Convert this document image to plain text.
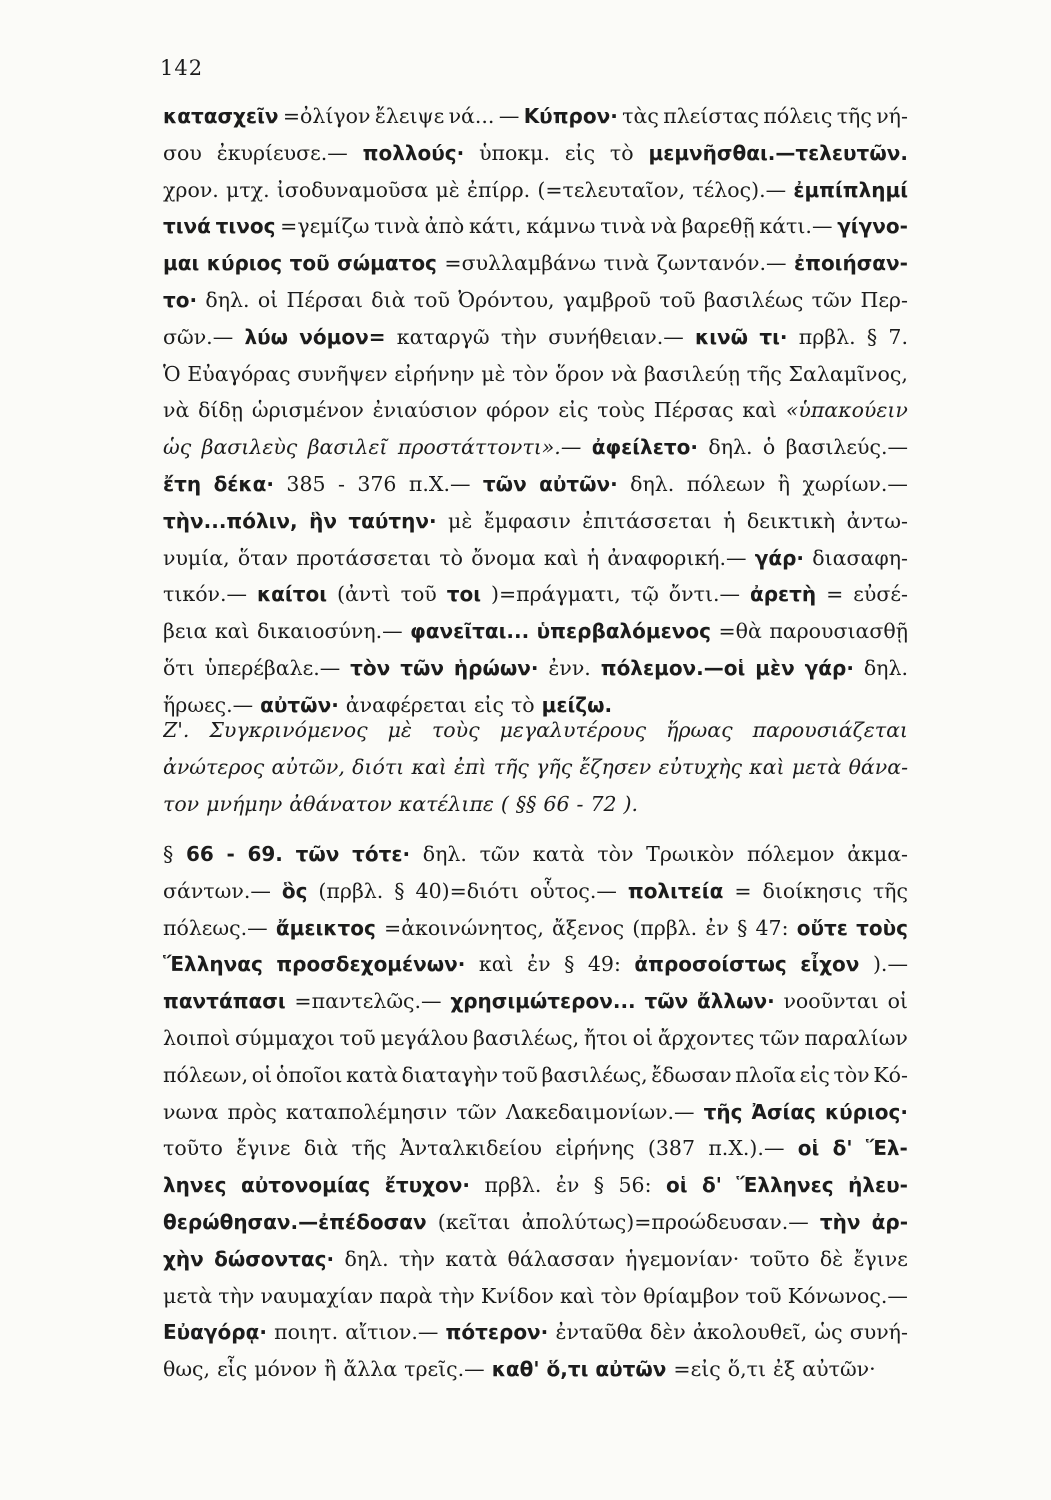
142
κατασχεῖν =ὀλίγον ἔλειψε νά... — Κύπρον· τὰς πλείστας πόλεις τῆς νή-
σου ἐκυρίευσε.— πολλούς· ὑποκμ. εἰς τὸ μεμνῆσθαι.—τελευτῶν.
χρον. μτχ. ἰσοδυναμοῦσα μὲ ἐπίρρ. (=τελευταῖον, τέλος).— ἐμπίπλημί
τινά τινος =γεμίζω τινὰ ἀπὸ κάτι, κάμνω τινὰ νὰ βαρεθῇ κάτι.— γίγνο-
μαι κύριος τοῦ σώματος =συλλαμβάνω τινὰ ζωντανόν.— ἐποιήσαν-
το· δηλ. οἱ Πέρσαι διὰ τοῦ Ὀρόντου, γαμβροῦ τοῦ βασιλέως τῶν Περ-
σῶν.— λύω νόμον= καταργῶ τὴν συνήθειαν.— κινῶ τι· πρβλ. § 7.
Ὁ Εὐαγόρας συνῆψεν εἰρήνην μὲ τὸν ὅρον νὰ βασιλεύῃ τῆς Σαλαμῖνος,
νὰ δίδῃ ὡρισμένον ἐνιαύσιον φόρον εἰς τοὺς Πέρσας καὶ «ὑπακούειν
ὡς βασιλεὺς βασιλεῖ προστάττοντι».— ἀφείλετο· δηλ. ὁ βασιλεύς.—
ἔτη δέκα· 385 - 376 π.Χ.— τῶν αὐτῶν· δηλ. πόλεων ἢ χωρίων.—
τὴν...πόλιν, ἣν ταύτην· μὲ ἔμφασιν ἐπιτάσσεται ἡ δεικτικὴ ἀντω-
νυμία, ὅταν προτάσσεται τὸ ὄνομα καὶ ἡ ἀναφορική.— γάρ· διασαφη-
τικόν.— καίτοι (ἀντὶ τοῦ τοι )=πράγματι, τῷ ὄντι.— ἀρετὴ = εὐσέ-
βεια καὶ δικαιοσύνη.— φανεῖται... ὑπερβαλόμενος =θὰ παρουσιασθῇ
ὅτι ὑπερέβαλε.— τὸν τῶν ἡρώων· ἐνν. πόλεμον.—οἱ μὲν γάρ· δηλ.
ἥρωες.— αὐτῶν· ἀναφέρεται εἰς τὸ μείζω.
Ζ'. Συγκρινόμενος μὲ τοὺς μεγαλυτέρους ἥρωας παρουσιάζεται
ἀνώτερος αὐτῶν, διότι καὶ ἐπὶ τῆς γῆς ἔζησεν εὐτυχὴς καὶ μετὰ θάνα-
τον μνήμην ἀθάνατον κατέλιπε ( §§ 66 - 72 ).
§ 66 - 69. τῶν τότε· δηλ. τῶν κατὰ τὸν Τρωικὸν πόλεμον ἀκμα-
σάντων.— ὃς (πρβλ. § 40)=διότι οὗτος.— πολιτεία = διοίκησις τῆς
πόλεως.— ἄμεικτος =ἀκοινώνητος, ἄξενος (πρβλ. ἐν § 47: οὔτε τοὺς
Ἕλληνας προσδεχομένων· καὶ ἐν § 49: ἀπροσοίστως εἶχον ).—
παντάπασι =παντελῶς.— χρησιμώτερον... τῶν ἄλλων· νοοῦνται οἱ
λοιποὶ σύμμαχοι τοῦ μεγάλου βασιλέως, ἤτοι οἱ ἄρχοντες τῶν παραλίων
πόλεων, οἱ ὁποῖοι κατὰ διαταγὴν τοῦ βασιλέως, ἔδωσαν πλοῖα εἰς τὸν Κό-
νωνα πρὸς καταπολέμησιν τῶν Λακεδαιμονίων.— τῆς Ἀσίας κύριος·
τοῦτο ἔγινε διὰ τῆς Ἀνταλκιδείου εἰρήνης (387 π.Χ.).— οἱ δ' Ἕλ-
ληνες αὐτονομίας ἔτυχον· πρβλ. ἐν § 56: οἱ δ' Ἕλληνες ἠλευ-
θερώθησαν.—ἐπέδοσαν (κεῖται ἀπολύτως)=προώδευσαν.— τὴν ἀρ-
χὴν δώσοντας· δηλ. τὴν κατὰ θάλασσαν ἡγεμονίαν· τοῦτο δὲ ἔγινε
μετὰ τὴν ναυμαχίαν παρὰ τὴν Κνίδον καὶ τὸν θρίαμβον τοῦ Κόνωνος.—
Εὐαγόρᾳ· ποιητ. αἴτιον.— πότερον· ἐνταῦθα δὲν ἀκολουθεῖ, ὡς συνή-
θως, εἷς μόνον ἢ ἄλλα τρεῖς.— καθ' ὅ,τι αὐτῶν =εἰς ὅ,τι ἐξ αὐτῶν·
